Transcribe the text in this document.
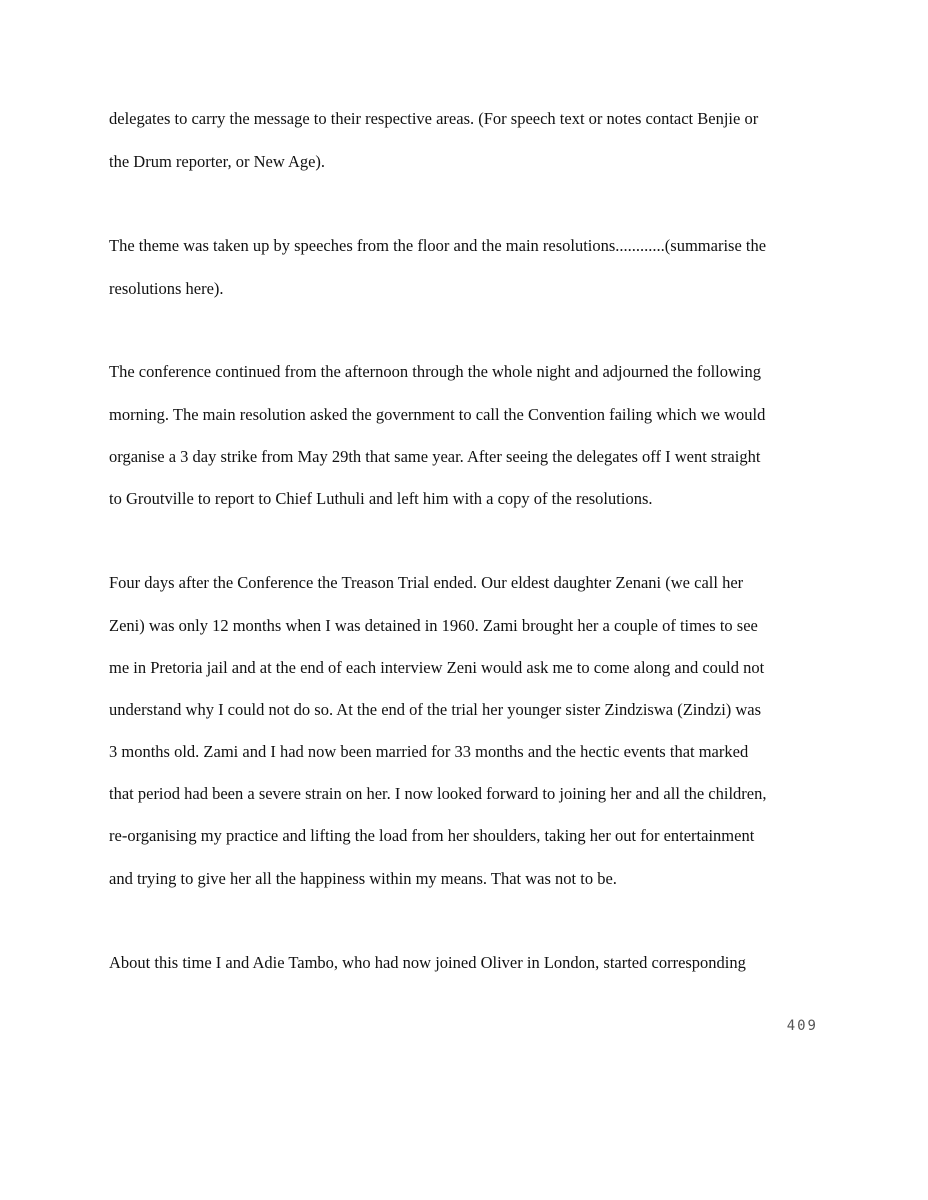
delegates to carry the message to their respective areas. (For speech text or notes contact Benjie or
the Drum reporter, or New Age).
The theme was taken up by speeches from the floor and the main resolutions............(summarise the
resolutions here).
The conference continued from the afternoon through the whole night and adjourned the following
morning. The main resolution asked the government to call the Convention failing which we would
organise a 3 day strike from May 29th that same year. After seeing the delegates off I went straight
to Groutville to report to Chief Luthuli and left him with a copy of the resolutions.
Four days after the Conference the Treason Trial ended. Our eldest daughter Zenani (we call her
Zeni) was only 12 months when I was detained in 1960. Zami brought her a couple of times to see
me in Pretoria jail and at the end of each interview Zeni would ask me to come along and could not
understand why I could not do so. At the end of the trial her younger sister Zindziswa (Zindzi) was
3 months old. Zami and I had now been married for 33 months and the hectic events that marked
that period had been a severe strain on her. I now looked forward to joining her and all the children,
re-organising my practice and lifting the load from her shoulders, taking her out for entertainment
and trying to give her all the happiness within my means. That was not to be.
About this time I and Adie Tambo, who had now joined Oliver in London, started corresponding
409
